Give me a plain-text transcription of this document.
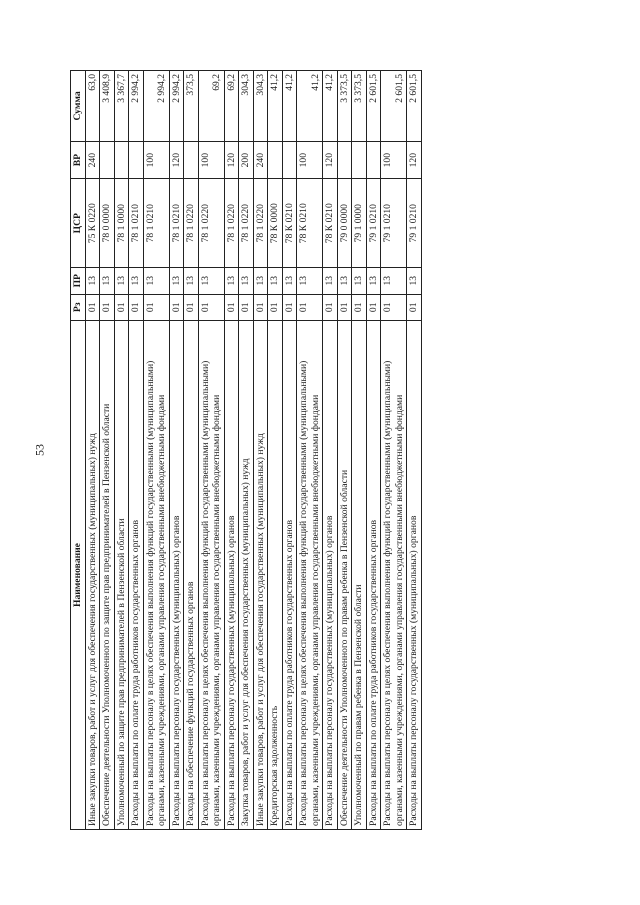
53
Наименование	Рз	ПР	ЦСР	ВР	Сумма
Иные закупки товаров, работ и услуг для обеспечения государственных (муниципальных) нужд	01	13	75 К 0220	240	63,0
Обеспечение деятельности Уполномоченного по защите прав предпринимателей в Пензенской области	01	13	78 0 0000		3 408,9
Уполномоченный по защите прав предпринимателей в Пензенской области	01	13	78 1 0000		3 367,7
Расходы на выплаты по оплате труда работников государственных органов	01	13	78 1 0210		2 994,2
Расходы на выплаты персоналу в целях обеспечения выполнения функций государственными (муниципальными) органами, казенными учреждениями, органами управления государственными внебюджетными фондами	01	13	78 1 0210	100	2 994,2
Расходы на выплаты персоналу государственных (муниципальных) органов	01	13	78 1 0210	120	2 994,2
Расходы на обеспечение функций государственных органов	01	13	78 1 0220		373,5
Расходы на выплаты персоналу в целях обеспечения выполнения функций государственными (муниципальными) органами, казенными учреждениями, органами управления государственными внебюджетными фондами	01	13	78 1 0220	100	69,2
Расходы на выплаты персоналу государственных (муниципальных) органов	01	13	78 1 0220	120	69,2
Закупка товаров, работ и услуг для обеспечения государственных (муниципальных) нужд	01	13	78 1 0220	200	304,3
Иные закупки товаров, работ и услуг для обеспечения государственных (муниципальных) нужд	01	13	78 1 0220	240	304,3
Кредиторская задолженность	01	13	78 К 0000		41,2
Расходы на выплаты по оплате труда работников государственных органов	01	13	78 К 0210		41,2
Расходы на выплаты персоналу в целях обеспечения выполнения функций государственными (муниципальными) органами, казенными учреждениями, органами управления государственными внебюджетными фондами	01	13	78 К 0210	100	41,2
Расходы на выплаты персоналу государственных (муниципальных) органов	01	13	78 К 0210	120	41,2
Обеспечение деятельности Уполномоченного по правам ребенка в Пензенской области	01	13	79 0 0000		3 373,5
Уполномоченный по правам ребенка в Пензенской области	01	13	79 1 0000		3 373,5
Расходы на выплаты по оплате труда работников государственных органов	01	13	79 1 0210		2 601,5
Расходы на выплаты персоналу в целях обеспечения выполнения функций государственными (муниципальными) органами, казенными учреждениями, органами управления государственными внебюджетными фондами	01	13	79 1 0210	100	2 601,5
Расходы на выплаты персоналу государственных (муниципальных) органов	01	13	79 1 0210	120	2 601,5
